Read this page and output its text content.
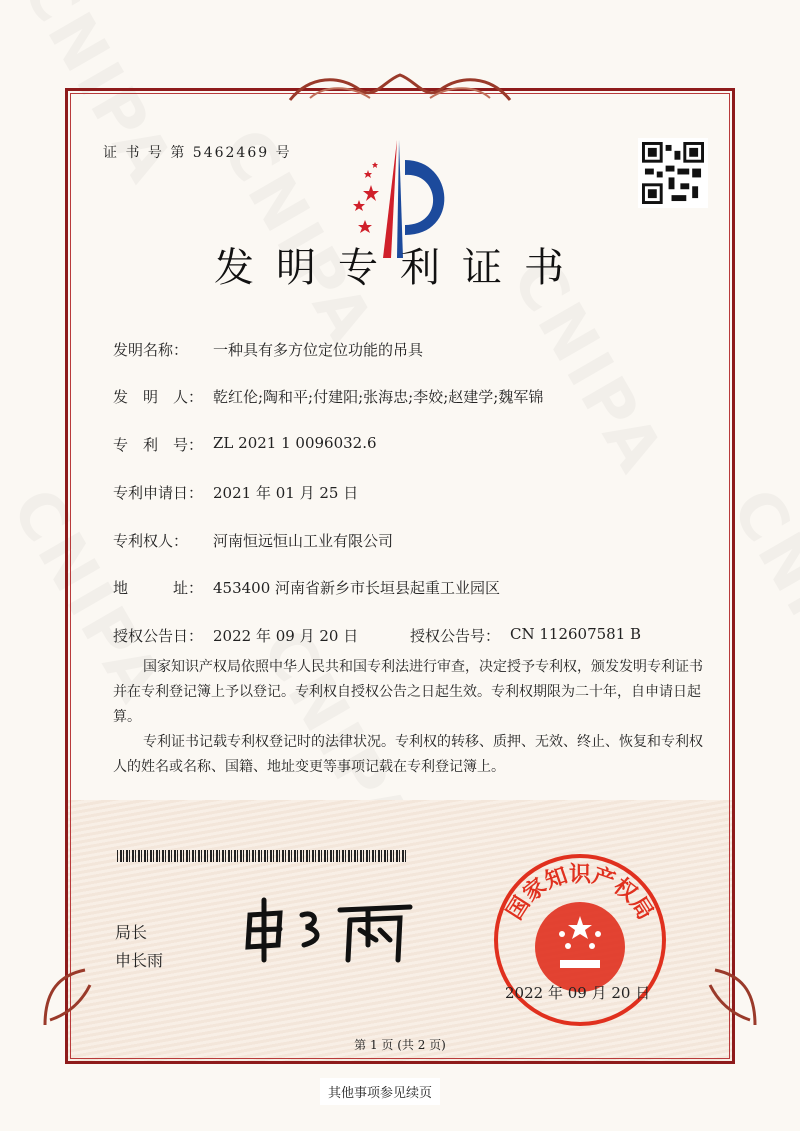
证 书 号 第 5462469 号
发明专利证书
发明名称：	一种具有多方位定位功能的吊具
发　明　人： 乾红伦;陶和平;付建阳;张海忠;李姣;赵建学;魏军锦
专　利　号： ZL 2021 1 0096032.6
专利申请日： 2021 年 01 月 25 日
专利权人：	河南恒远恒山工业有限公司
地　　　址： 453400 河南省新乡市长垣县起重工业园区
授权公告日： 2022 年 09 月 20 日	授权公告号： CN 112607581 B
国家知识产权局依照中华人民共和国专利法进行审查，决定授予专利权，颁发发明专利证书并在专利登记簿上予以登记。专利权自授权公告之日起生效。专利权期限为二十年，自申请日起算。
专利证书记载专利权登记时的法律状况。专利权的转移、质押、无效、终止、恢复和专利权人的姓名或名称、国籍、地址变更等事项记载在专利登记簿上。
局长
申长雨
国家知识产权局
2022 年 09 月 20 日
第 1 页 (共 2 页)
其他事项参见续页
